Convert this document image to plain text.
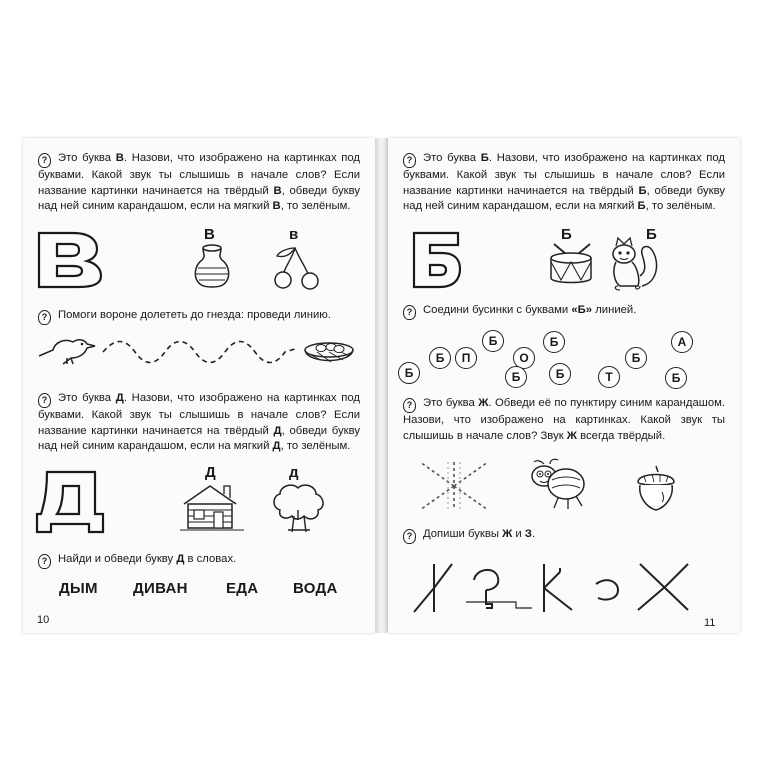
? Это буква В. Назови, что изображено на картинках под буквами. Какой звук ты слышишь в начале слов? Если название картинки начинается на твёрдый В, обведи букву над ней синим карандашом, если на мягкий В, то зелёным.
В	в
? Помоги вороне долететь до гнезда: проведи линию.
? Это буква Д. Назови, что изображено на картинках под буквами. Какой звук ты слышишь в начале слов? Если название картинки начинается на твёрдый Д, обведи букву над ней синим карандашом, если на мягкий Д, то зелёным.
Д	д
? Найди и обведи букву Д в словах.
ДЫМ ДИВАН	ЕДА ВОДА
10
? Это буква Б. Назови, что изображено на картинках под буквами. Какой звук ты слышишь в начале слов? Если название картинки начинается на твёрдый Б, обведи букву над ней синим карандашом, если на мягкий Б, то зелёным.
Б	Б
? Соедини бусинки с буквами «Б» линией.
Б	Б	А
Б	П	О	Б
Б	Б	Т
Б	Б
? Это буква Ж. Обведи её по пунктиру синим карандашом. Назови, что изображено на картинках. Какой звук ты слышишь в начале слов? Звук Ж всегда твёрдый.
? Допиши буквы Ж и З.
11
